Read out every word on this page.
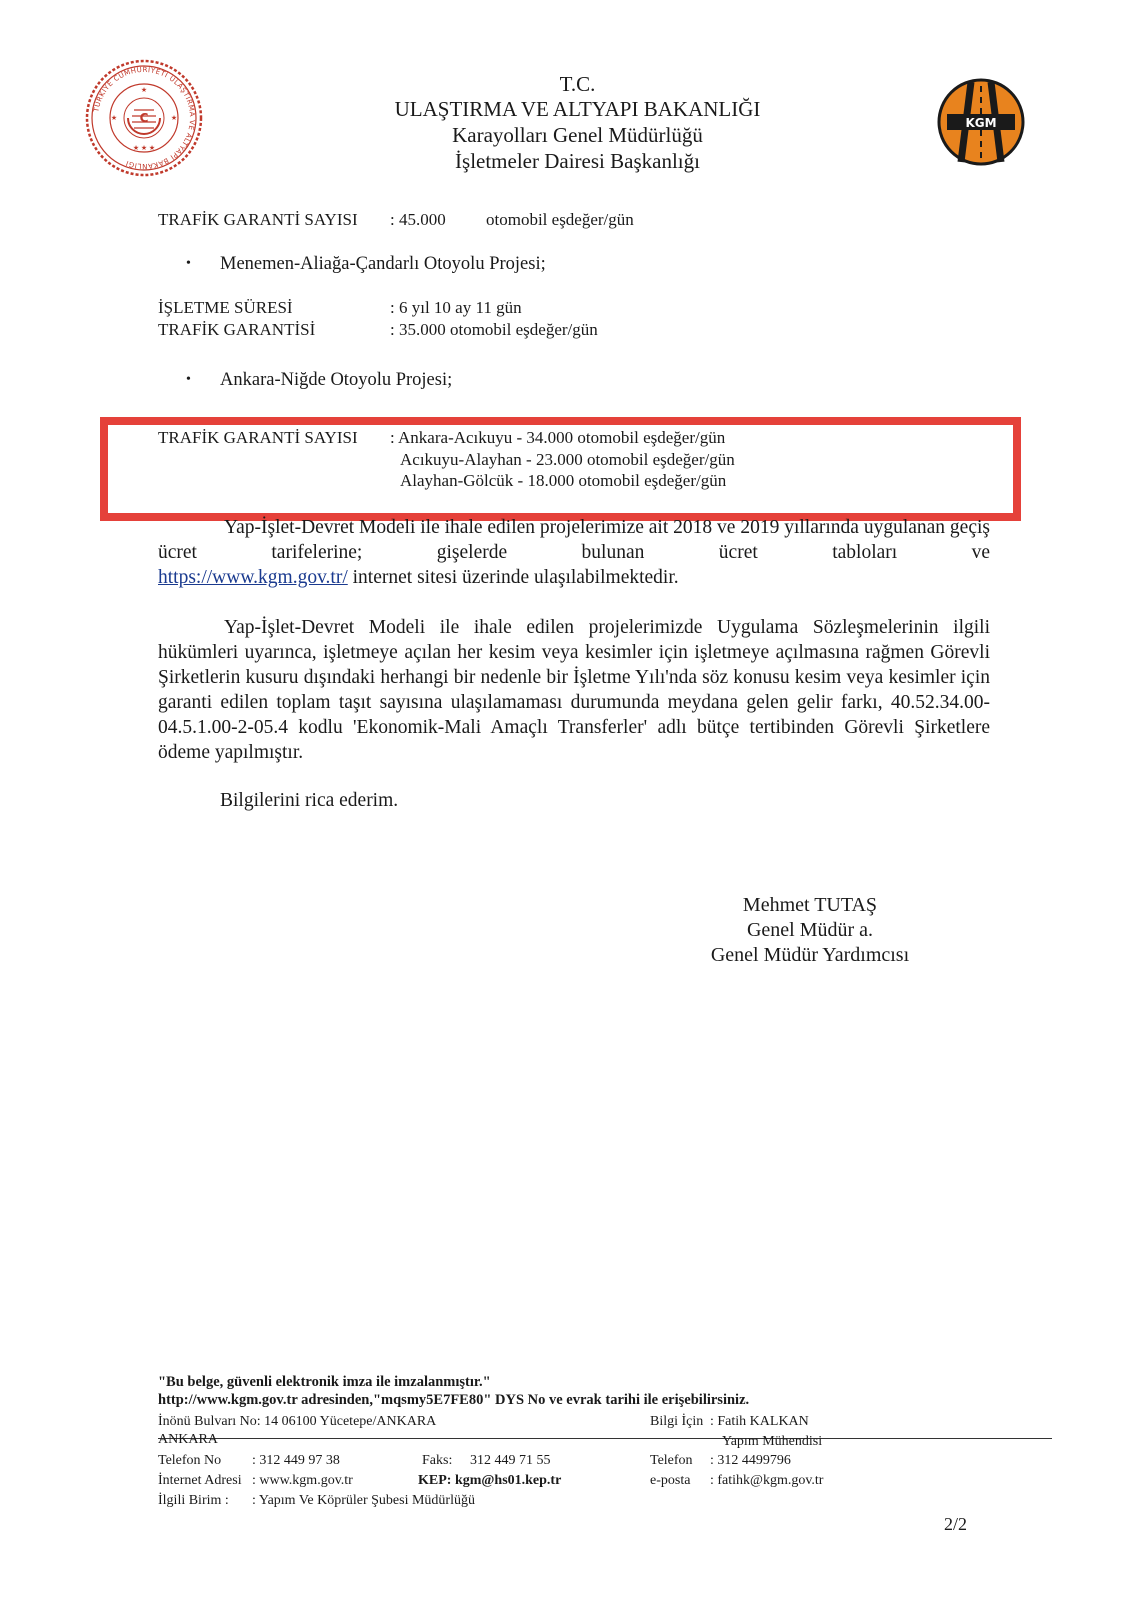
TÜRKİYE CUMHURİYETİ ULAŞTIRMA VE ALTYAPI BAKANLIĞI
C
★
★ ★ ★
★	★	KGM
T.C.
ULAŞTIRMA VE ALTYAPI BAKANLIĞI
Karayolları Genel Müdürlüğü
İşletmeler Dairesi Başkanlığı
TRAFİK GARANTİ SAYISI : 45.000 otomobil eşdeğer/gün
• Menemen-Aliağa-Çandarlı Otoyolu Projesi;
İŞLETME SÜRESİ	: 6 yıl 10 ay 11 gün
TRAFİK GARANTİSİ	: 35.000 otomobil eşdeğer/gün
• Ankara-Niğde Otoyolu Projesi;
TRAFİK GARANTİ SAYISI : Ankara-Acıkuyu - 34.000 otomobil eşdeğer/gün
Acıkuyu-Alayhan - 23.000 otomobil eşdeğer/gün
Alayhan-Gölcük - 18.000 otomobil eşdeğer/gün

Yap-İşlet-Devret Modeli ile ihale edilen projelerimize ait 2018 ve 2019 yıllarında uygulanan geçiş ücret tarifelerine; gişelerde bulunan ücret tabloları ve

https://www.kgm.gov.tr/ internet sitesi üzerinde ulaşılabilmektedir.

Yap-İşlet-Devret Modeli ile ihale edilen projelerimizde Uygulama Sözleşmelerinin ilgili hükümleri uyarınca, işletmeye açılan her kesim veya kesimler için işletmeye açılmasına rağmen Görevli Şirketlerin kusuru dışındaki herhangi bir nedenle bir İşletme Yılı'nda söz konusu kesim veya kesimler için garanti edilen toplam taşıt sayısına ulaşılamaması durumunda meydana gelen gelir farkı, 40.52.34.00-04.5.1.00-2-05.4 kodlu 'Ekonomik-Mali Amaçlı Transferler' adlı bütçe tertibinden Görevli Şirketlere ödeme yapılmıştır.

Bilgilerini rica ederim.
Mehmet TUTAŞ
Genel Müdür a.
Genel Müdür Yardımcısı
"Bu belge, güvenli elektronik imza ile imzalanmıştır."
http://www.kgm.gov.tr adresinden,"mqsmy5E7FE80" DYS No ve evrak tarihi ile erişebilirsiniz.
İnönü Bulvarı No: 14 06100 Yücetepe/ANKARA
ANKARA
Telefon No : 312 449 97 38	Faks: 312 449 71 55
İnternet Adresi : www.kgm.gov.tr	KEP: kgm@hs01.kep.tr
İlgili Birim : : Yapım Ve Köprüler Şubesi Müdürlüğü
Bilgi İçin : Fatih KALKAN
Yapım Mühendisi
Telefon : 312 4499796
e-posta : fatihk@kgm.gov.tr
2/2
